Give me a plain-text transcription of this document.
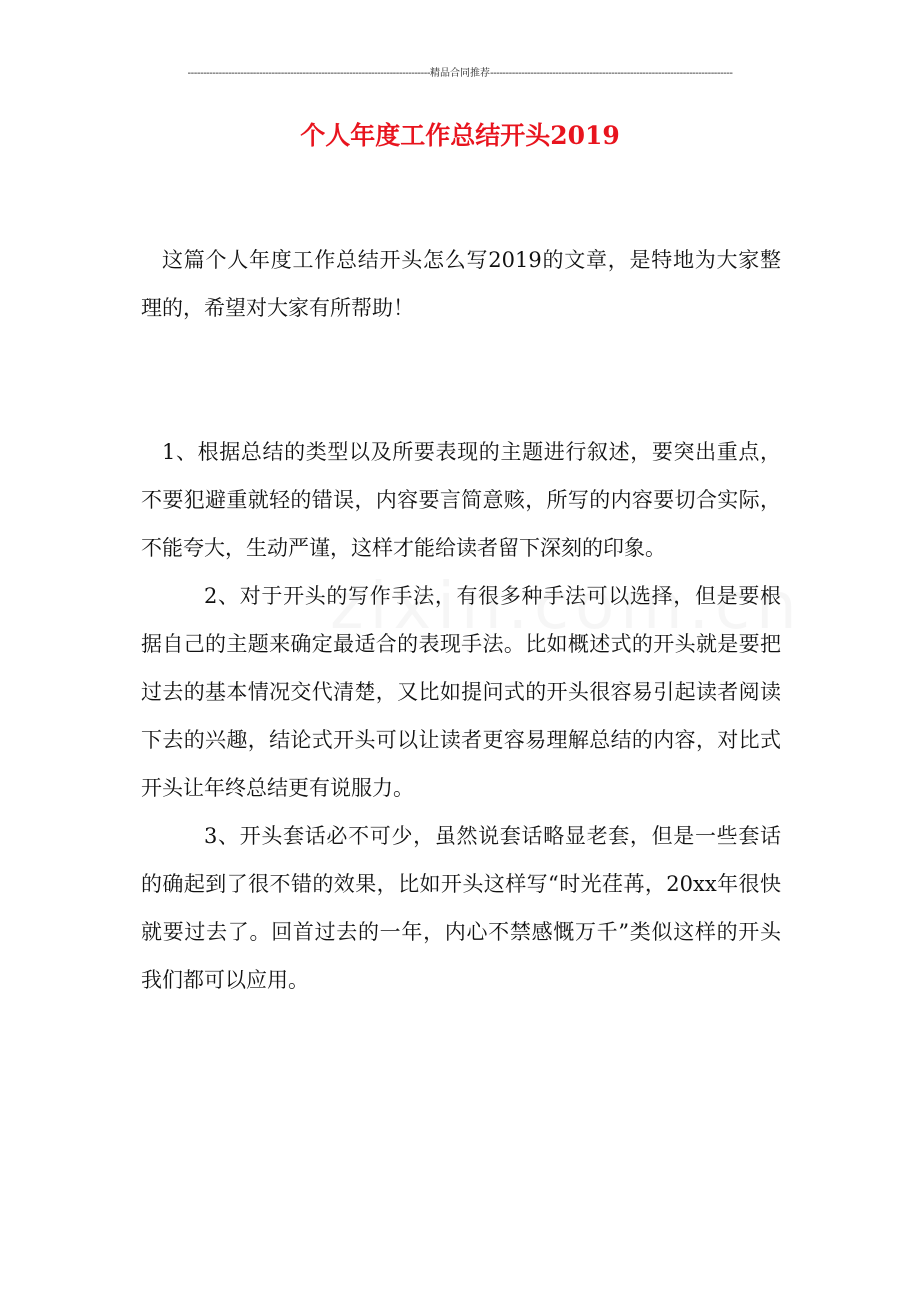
------------------------------------------------------------------------------精品合同推荐------------------------------------------------------------------------------
个人年度工作总结开头2019

这篇个人年度工作总结开头怎么写2019的文章，是特地为大家整理的，希望对大家有所帮助！

1、根据总结的类型以及所要表现的主题进行叙述，要突出重点，不要犯避重就轻的错误，内容要言简意赅，所写的内容要切合实际，不能夸大，生动严谨，这样才能给读者留下深刻的印象。

2、对于开头的写作手法，有很多种手法可以选择，但是要根据自己的主题来确定最适合的表现手法。比如概述式的开头就是要把过去的基本情况交代清楚，又比如提问式的开头很容易引起读者阅读下去的兴趣，结论式开头可以让读者更容易理解总结的内容，对比式开头让年终总结更有说服力。

3、开头套话必不可少，虽然说套话略显老套，但是一些套话的确起到了很不错的效果，比如开头这样写“时光荏苒，20xx年很快就要过去了。回首过去的一年，内心不禁感慨万千”类似这样的开头我们都可以应用。
